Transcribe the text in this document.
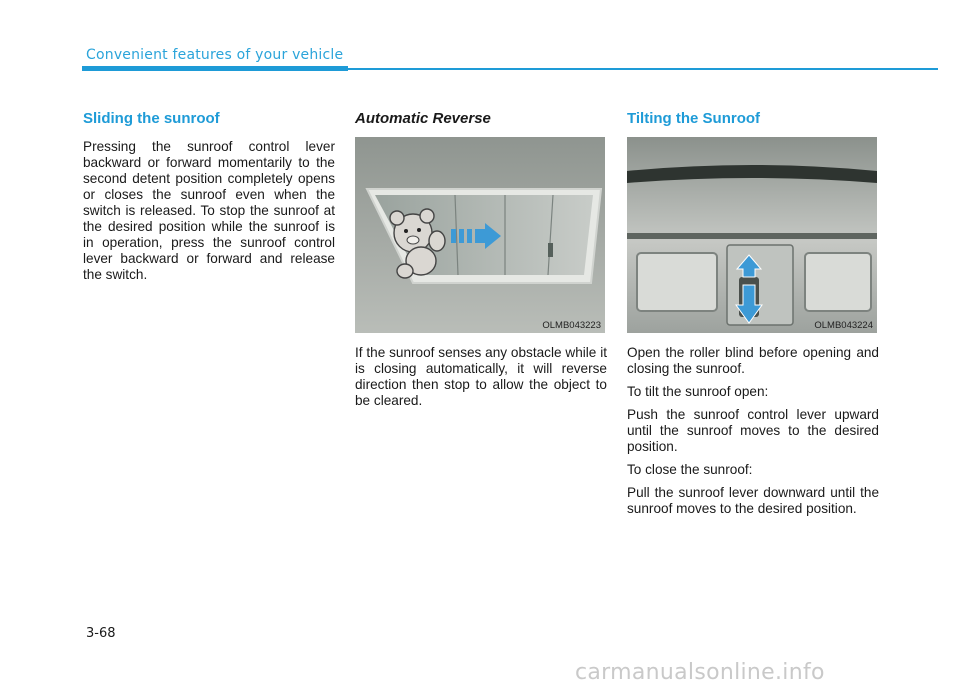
Convenient features of your vehicle
Sliding the sunroof

Pressing the sunroof control lever backward or forward momentarily to the second detent position completely opens or closes the sunroof even when the switch is released. To stop the sunroof at the desired position while the sunroof is in operation, press the sunroof control lever backward or forward and release the switch.

Automatic Reverse
OLMB043223

If the sunroof senses any obstacle while it is closing automatically, it will reverse direction then stop to allow the object to be cleared.

Tilting the Sunroof
OLMB043224

Open the roller blind before opening and closing the sunroof.

To tilt the sunroof open:

Push the sunroof control lever upward until the sunroof moves to the desired position.

To close the sunroof:

Pull the sunroof lever downward until the sunroof moves to the desired position.

3-68
carmanualsonline.info
